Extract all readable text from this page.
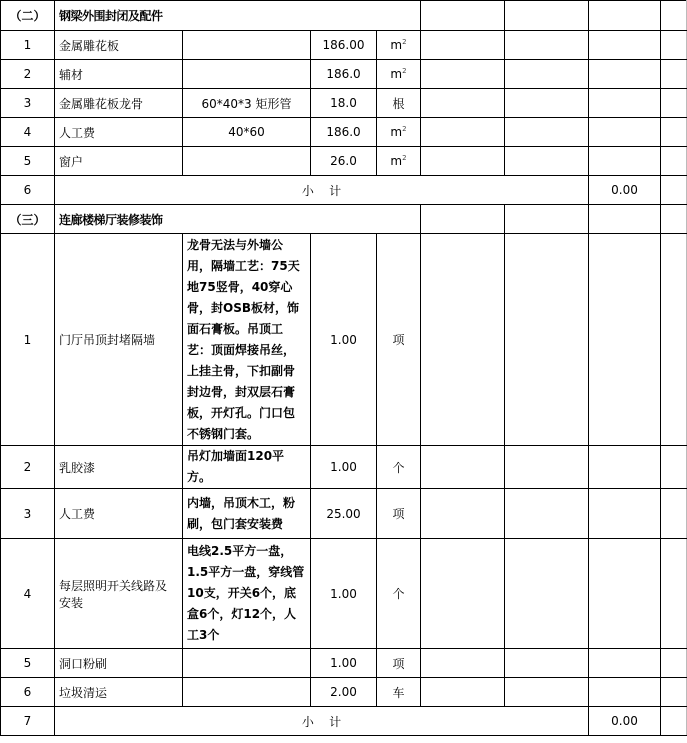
（二）	钢梁外围封闭及配件							
1	金属雕花板		186.00	$m^2$				
2	辅材		186.0	$m^2$				
3	金属雕花板龙骨	60*40*3 矩形管	18.0	根				
4	人工费	40*60	186.0	$m^2$				
5	窗户		26.0	$m^2$				
6	小    计						0.00	
（三）	连廊楼梯厅装修装饰							
1	门厅吊顶封堵隔墙	龙骨无法与外墙公用，隔墙工艺：75天地75竖骨，40穿心骨，封OSB板材，饰面石膏板。吊顶工艺：顶面焊接吊丝，上挂主骨，下扣副骨封边骨，封双层石膏板，开灯孔。门口包不锈钢门套。	1.00	项				
2	乳胶漆	吊灯加墙面120平方。	1.00	个				
3	人工费	内墙，吊顶木工，粉刷，包门套安装费	25.00	项				
4	每层照明开关线路及安装	电线2.5平方一盘，1.5平方一盘，穿线管10支，开关6个，底盒6个，灯12个，人工3个	1.00	个				
5	洞口粉刷		1.00	项				
6	垃圾清运		2.00	车				
7	小    计						0.00	
